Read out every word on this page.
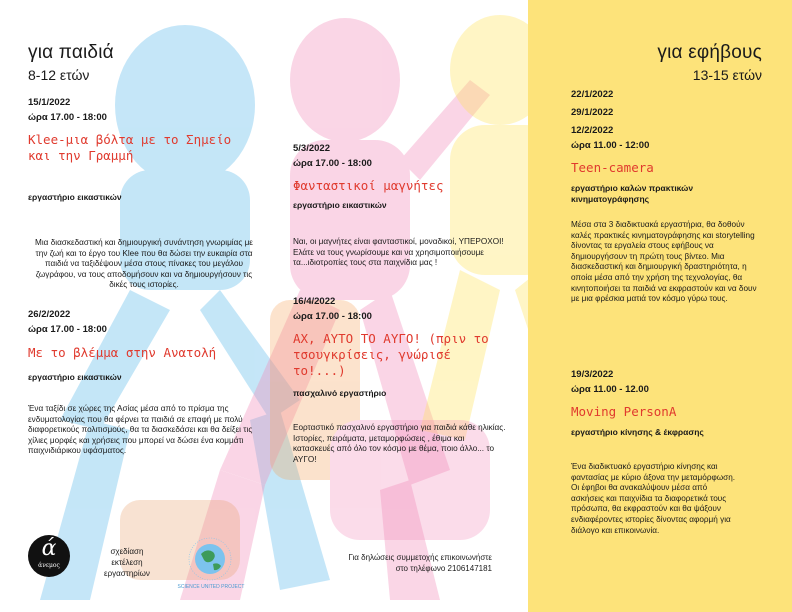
για παιδιά
8-12 ετών
15/1/2022
ώρα 17.00 - 18:00
Klee-μια βόλτα με το Σημείο και την Γραμμή
εργαστήριο εικαστικών
Μια διασκεδαστική και δημιουργική συνάντηση γνωριμίας με την ζωή και το έργο του Klee που θα δώσει την ευκαιρία στα παιδιά να ταξιδέψουν μέσα στους πίνακες του μεγάλου ζωγράφου, να τους αποδομήσουν και να δημιουργήσουν τις δικές τους ιστορίες.
26/2/2022
ώρα 17.00 - 18:00
Με το βλέμμα στην Ανατολή
εργαστήριο εικαστικών
Ένα ταξίδι σε χώρες της Ασίας μέσα από το πρίσμα της ενδυματολογίας που θα φέρνει τα παιδιά σε επαφή με πολύ διαφορετικούς πολιτισμούς, θα τα διασκεδάσει και θα δείξει τις χίλιες μορφές και χρήσεις που μπορεί να δώσει ένα κομμάτι παιχνιδιάρικου υφάσματος.
5/3/2022
ώρα 17.00 - 18:00
Φανταστικοί μαγνήτες
εργαστήριο εικαστικών
Ναι, οι μαγνήτες είναι φανταστικοί, μοναδικοί, ΥΠΕΡΟΧΟΙ! Ελάτε να τους γνωρίσουμε και να χρησιμοποιήσουμε τα...ιδιοτροπίες τους στα παιχνίδια μας !
16/4/2022
ώρα 17.00 - 18:00
ΑΧ, ΑΥΤΟ ΤΟ ΑΥΓΟ! (πριν το τσουγκρίσεις, γνώρισέ το!...)
πασχαλινό εργαστήριο
Εορταστικό πασχαλινό εργαστήριο για παιδιά κάθε ηλικίας. Ιστορίες, πειράματα, μεταμορφώσεις , έθιμα και κατασκευές από όλο τον κόσμο με θέμα, ποιο άλλο... το ΑΥΓΟ!
για εφήβους
13-15 ετών
22/1/2022
29/1/2022
12/2/2022
ώρα 11.00 - 12:00
Teen-camera
εργαστήριο καλών πρακτικών κινηματογράφησης
Μέσα στα 3 διαδικτυακά εργαστήρια, θα δοθούν καλές πρακτικές κινηματογράφησης και storytelling δίνοντας τα εργαλεία στους εφήβους να δημιουργήσουν τη πρώτη τους βίντεο. Μια διασκεδαστική και δημιουργική δραστηριότητα, η οποία μέσα από την χρήση της τεχνολογίας, θα κινητοποιήσει τα παιδιά να εκφραστούν και να δουν με μια φρέσκια ματιά τον κόσμο γύρω τους.
19/3/2022
ώρα 11.00 - 12.00
Moving PersonA
εργαστήριο κίνησης & έκφρασης
Ένα διαδικτυακό εργαστήριο κίνησης και φαντασίας με κύριο άξονα την μεταμόρφωση. Οι έφηβοι θα ανακαλύψουν μέσα από ασκήσεις και παιχνίδια τα διαφορετικά τους πρόσωπα, θα εκφραστούν και θα ψάξουν ενδιαφέροντες ιστορίες δίνοντας αφορμή για διάλογο και επικοινωνία.
ά
άνεμος
σχεδίαση
εκτέλεση
εργαστηρίων
SCIENCE UNITED PROJECT
Για δηλώσεις συμμετοχής επικοινωνήστε
στο τηλέφωνο 2106147181
